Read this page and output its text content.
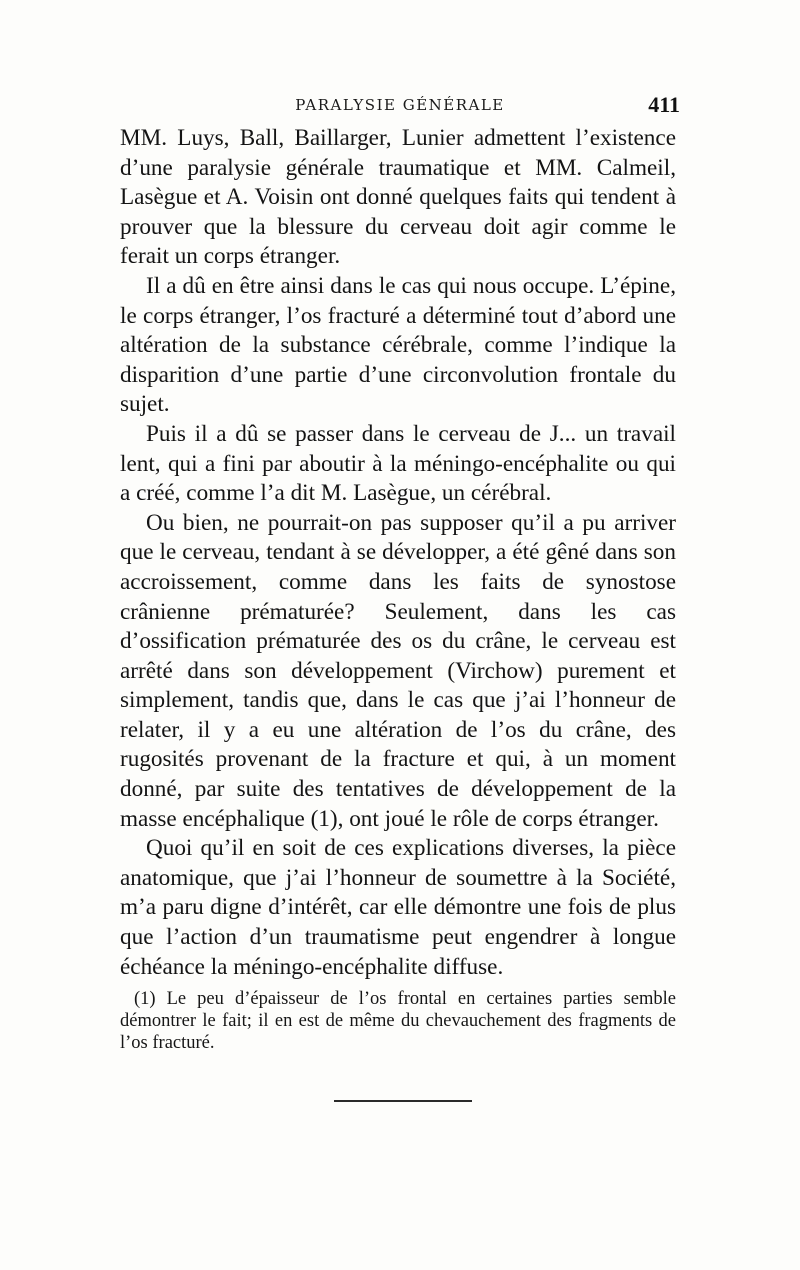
PARALYSIE GÉNÉRALE	411

MM. Luys, Ball, Baillarger, Lunier admettent l’existence d’une paralysie générale traumatique et MM. Calmeil, Lasègue et A. Voisin ont donné quelques faits qui tendent à prouver que la blessure du cerveau doit agir comme le ferait un corps étranger.

Il a dû en être ainsi dans le cas qui nous occupe. L’épine, le corps étranger, l’os fracturé a déterminé tout d’abord une altération de la substance cérébrale, comme l’indique la disparition d’une partie d’une circonvolution frontale du sujet.

Puis il a dû se passer dans le cerveau de J... un travail lent, qui a fini par aboutir à la méningo-encéphalite ou qui a créé, comme l’a dit M. Lasègue, un cérébral.

Ou bien, ne pourrait-on pas supposer qu’il a pu arriver que le cerveau, tendant à se développer, a été gêné dans son accroissement, comme dans les faits de synostose crânienne prématurée? Seulement, dans les cas d’ossification prématurée des os du crâne, le cerveau est arrêté dans son développement (Virchow) purement et simplement, tandis que, dans le cas que j’ai l’honneur de relater, il y a eu une altération de l’os du crâne, des rugosités provenant de la fracture et qui, à un moment donné, par suite des tentatives de développement de la masse encéphalique (1), ont joué le rôle de corps étranger.

Quoi qu’il en soit de ces explications diverses, la pièce anatomique, que j’ai l’honneur de soumettre à la Société, m’a paru digne d’intérêt, car elle démontre une fois de plus que l’action d’un traumatisme peut engendrer à longue échéance la méningo-encéphalite diffuse.

(1) Le peu d’épaisseur de l’os frontal en certaines parties semble démontrer le fait; il en est de même du chevauchement des fragments de l’os fracturé.
